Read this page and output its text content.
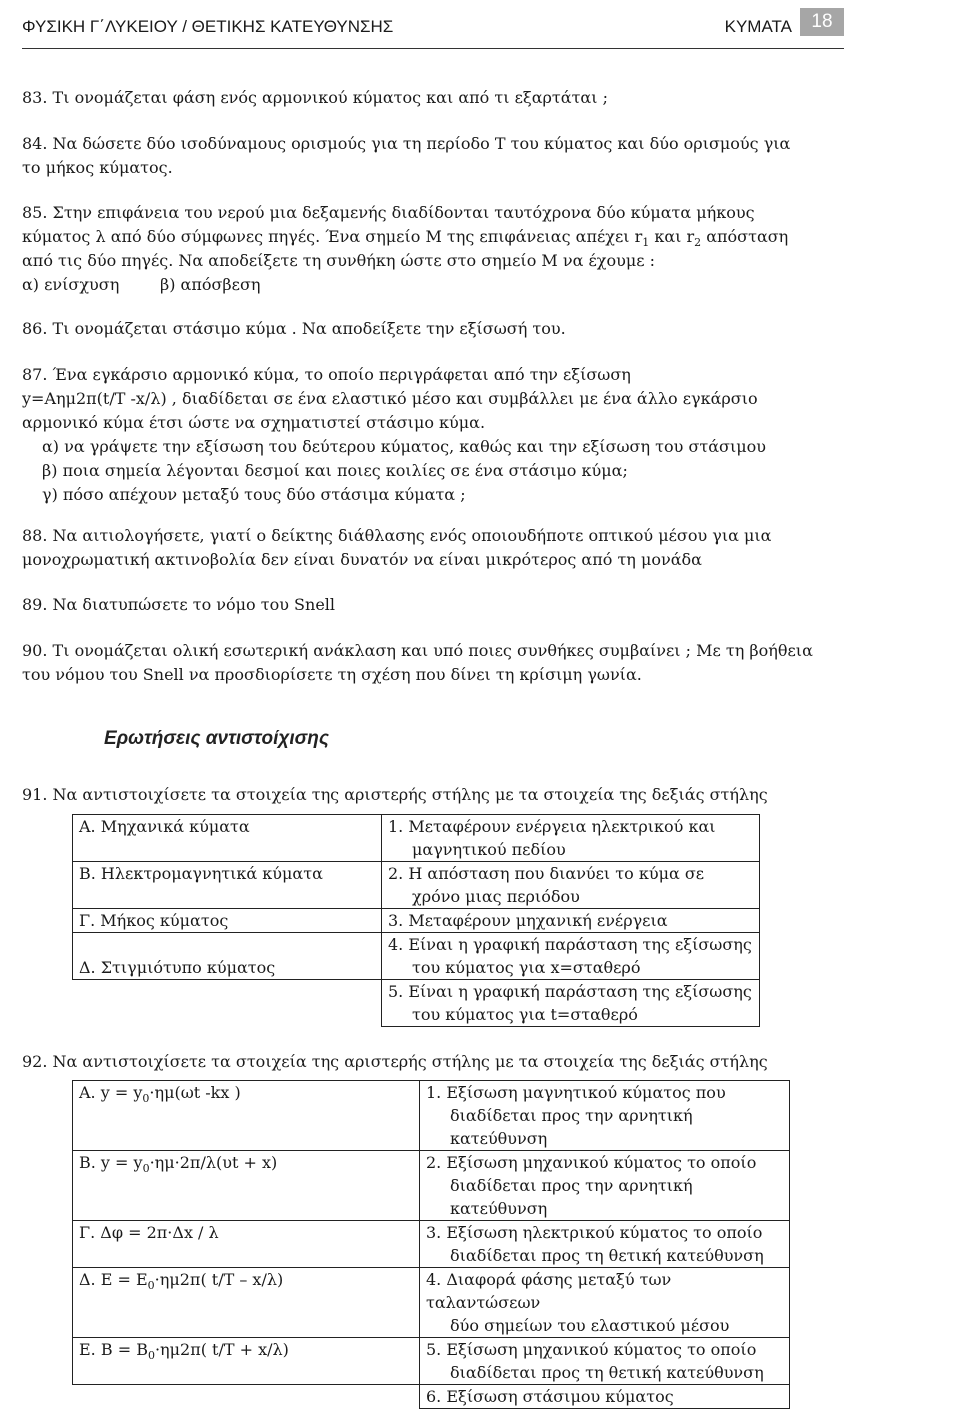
ΦΥΣΙΚΗ Γ΄ΛΥΚΕΙΟΥ / ΘΕΤΙΚΗΣ ΚΑΤΕΥΘΥΝΣΗΣ	ΚΥΜΑΤΑ	18

83. Τι ονομάζεται φάση ενός αρμονικού κύματος και από τι εξαρτάται ;

84. Να δώσετε δύο ισοδύναμους ορισμούς για τη περίοδο Τ του κύματος και δύο ορισμούς για

το μήκος κύματος.

85. Στην επιφάνεια του νερού μια δεξαμενής διαδίδονται ταυτόχρονα δύο κύματα μήκους

κύματος λ από δύο σύμφωνες πηγές. Ένα σημείο Μ της επιφάνειας απέχει $r_1$ και $r_2$ απόσταση

από τις δύο πηγές. Να αποδείξετε τη συνθήκη ώστε στο σημείο Μ να έχουμε :

α) ενίσχυση        β) απόσβεση

86. Τι ονομάζεται στάσιμο κύμα . Να αποδείξετε την εξίσωσή του.

87. Ένα εγκάρσιο αρμονικό κύμα, το οποίο περιγράφεται από την εξίσωση

y=Αημ2π(t/T -x/λ) , διαδίδεται σε ένα ελαστικό μέσο και συμβάλλει με ένα άλλο εγκάρσιο

αρμονικό κύμα έτσι ώστε να σχηματιστεί στάσιμο κύμα.

α) να γράψετε την εξίσωση του δεύτερου κύματος, καθώς και την εξίσωση του στάσιμου

β) ποια σημεία λέγονται δεσμοί και ποιες κοιλίες σε ένα στάσιμο κύμα;

γ) πόσο απέχουν μεταξύ τους δύο στάσιμα κύματα ;

88. Να αιτιολογήσετε, γιατί ο δείκτης διάθλασης ενός οποιουδήποτε οπτικού μέσου για μια

μονοχρωματική ακτινοβολία δεν είναι δυνατόν να είναι μικρότερος από τη μονάδα

89. Να διατυπώσετε το νόμο του Snell

90. Τι ονομάζεται ολική εσωτερική ανάκλαση και υπό ποιες συνθήκες συμβαίνει ; Με τη βοήθεια

του νόμου του Snell να προσδιορίσετε τη σχέση που δίνει τη κρίσιμη γωνία.

Ερωτήσεις αντιστοίχισης

91. Να αντιστοιχίσετε τα στοιχεία της αριστερής στήλης με τα στοιχεία της δεξιάς στήλης

Α. Μηχανικά κύματα	1. Μεταφέρουν ενέργεια ηλεκτρικού και
μαγνητικού πεδίου

Β. Ηλεκτρομαγνητικά κύματα	2. Η απόσταση που διανύει το κύμα σε
χρόνο μιας περιόδου

Γ. Μήκος κύματος	3. Μεταφέρουν μηχανική ενέργεια

Δ. Στιγμιότυπο κύματος	4. Είναι η γραφική παράσταση της εξίσωσης
του κύματος για x=σταθερό

	5. Είναι η γραφική παράσταση της εξίσωσης
του κύματος για t=σταθερό

92. Να αντιστοιχίσετε τα στοιχεία της αριστερής στήλης με τα στοιχεία της δεξιάς στήλης

Α. $y = y_0\cdot\eta\mu(\omega t$ -kx )	1. Εξίσωση μαγνητικού κύματος που
διαδίδεται προς την αρνητική κατεύθυνση

Β. $y = y_0\cdot\eta\mu\cdot 2\pi/\lambda(\upsilon t + x)$	2. Εξίσωση μηχανικού κύματος το οποίο
διαδίδεται προς την αρνητική κατεύθυνση

Γ. Δφ = 2π·Δx / λ	3. Εξίσωση ηλεκτρικού κύματος το οποίο
διαδίδεται προς τη θετική κατεύθυνση

Δ. $E = E_0\cdot\eta\mu 2\pi$( t/T – x/λ)	4. Διαφορά φάσης μεταξύ των ταλαντώσεων
δύο σημείων του ελαστικού μέσου

Ε. $B = B_0\cdot\eta\mu 2\pi$( t/T + x/λ)	5. Εξίσωση μηχανικού κύματος το οποίο
διαδίδεται προς τη θετική κατεύθυνση

	6. Εξίσωση στάσιμου κύματος
